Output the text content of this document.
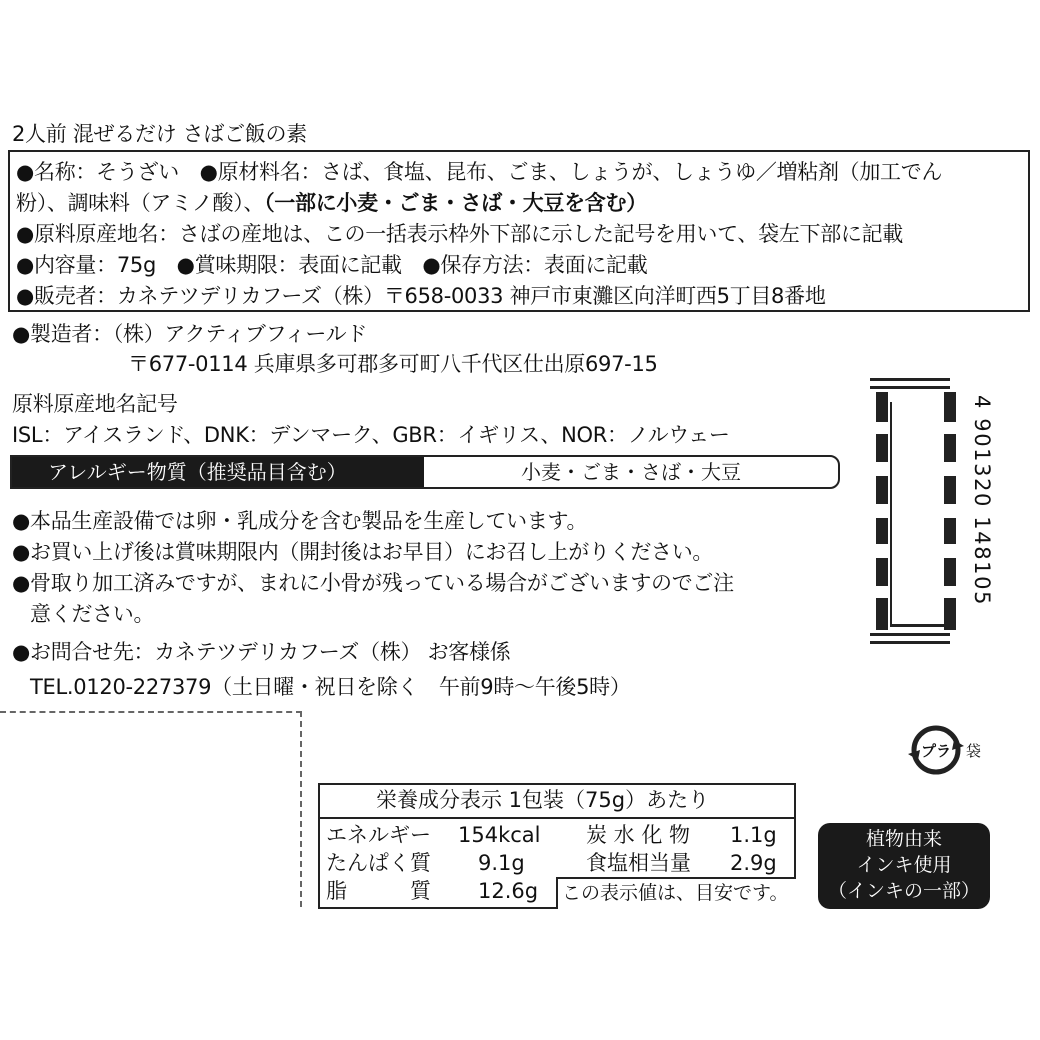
2人前 混ぜるだけ さばご飯の素
●名称：そうざい　●原材料名：さば、食塩、昆布、ごま、しょうが、しょうゆ／増粘剤（加工でん
粉）、調味料（アミノ酸）、（一部に小麦・ごま・さば・大豆を含む）
●原料原産地名：さばの産地は、この一括表示枠外下部に示した記号を用いて、袋左下部に記載
●内容量：75g　●賞味期限：表面に記載　●保存方法：表面に記載
●販売者：カネテツデリカフーズ（株）〒658-0033 神戸市東灘区向洋町西5丁目8番地
●製造者：（株）アクティブフィールド
〒677-0114 兵庫県多可郡多可町八千代区仕出原697-15
原料原産地名記号
ISL：アイスランド、DNK：デンマーク、GBR：イギリス、NOR：ノルウェー
アレルギー物質（推奨品目含む）	小麦・ごま・さば・大豆
●本品生産設備では卵・乳成分を含む製品を生産しています。
●お買い上げ後は賞味期限内（開封後はお早目）にお召し上がりください。
●骨取り加工済みですが、まれに小骨が残っている場合がございますのでご注
意ください。
●お問合せ先：カネテツデリカフーズ（株） お客様係
TEL.0120-227379（土日曜・祝日を除く　午前9時～午後5時）
4 901320 148105
プラ 袋
栄養成分表示 1包装（75g）あたり
エネルギー 154kcal 炭 水 化 物 1.1g
たんぱく質 9.1g	食塩相当量 2.9g
脂　　　質 12.6g	この表示値は、目安です。
植物由来
インキ使用
（インキの一部）
